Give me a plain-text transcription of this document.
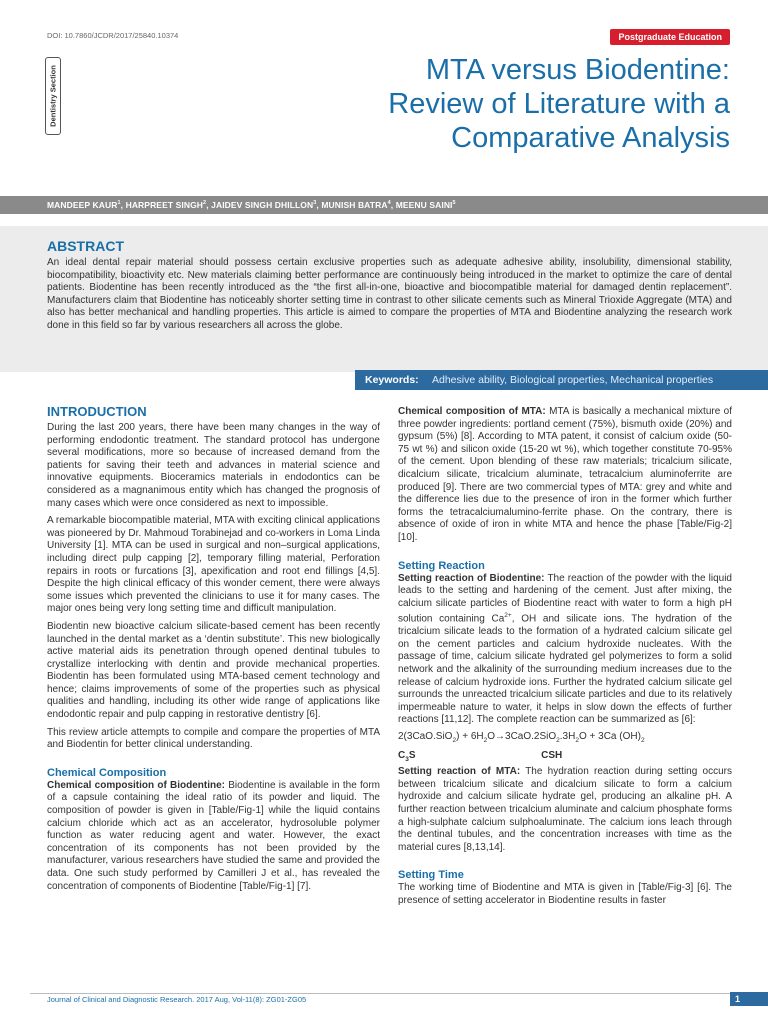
DOI: 10.7860/JCDR/2017/25840.10374	Postgraduate Education
Dentistry Section	MTA versus Biodentine: Review of Literature with a Comparative Analysis
MANDEEP KAUR$^1$, HARPREET SINGH$^2$, JAIDEV SINGH DHILLON$^3$, MUNISH BATRA$^4$, MEENU SAINI$^5$
ABSTRACT

An ideal dental repair material should possess certain exclusive properties such as adequate adhesive ability, insolubility, dimensional stability, biocompatibility, bioactivity etc. New materials claiming better performance are continuously being introduced in the market to optimize the care of dental patients. Biodentine has been recently introduced as the “the first all-in-one, bioactive and biocompatible material for damaged dentin replacement”. Manufacturers claim that Biodentine has noticeably shorter setting time in contrast to other silicate cements such as Mineral Trioxide Aggregate (MTA) and also has better mechanical and handling properties. This article is aimed to compare the properties of MTA and Biodentine analyzing the research work done in this field so far by various researchers all across the globe.

Keywords: Adhesive ability, Biological properties, Mechanical properties
INTRODUCTION

During the last 200 years, there have been many changes in the way of performing endodontic treatment. The standard protocol has undergone several modifications, more so because of increased demand from the patients for saving their teeth and advances in material science and innovative equipments. Bioceramics materials in endodontics can be considered as a magnanimous entity which has changed the prognosis of many cases which were once considered as next to impossible.

A remarkable biocompatible material, MTA with exciting clinical applications was pioneered by Dr. Mahmoud Torabinejad and co-workers in Loma Linda University [1]. MTA can be used in surgical and non–surgical applications, including direct pulp capping [2], temporary filling material, Perforation repairs in roots or furcations [3], apexification and root end fillings [4,5]. Despite the high clinical efficacy of this wonder cement, there were always some issues which prevented the clinicians to use it for many cases. The major ones being very long setting time and difficult manipulation.

Biodentin new bioactive calcium silicate-based cement has been recently launched in the dental market as a ‘dentin substitute’. This new biologically active material aids its penetration through opened dentinal tubules to crystallize interlocking with dentin and provide mechanical properties. Biodentin has been formulated using MTA-based cement technology and hence; claims improvements of some of the properties such as physical qualities and handling, including its other wide range of applications like endodontic repair and pulp capping in restorative dentistry [6].

This review article attempts to compile and compare the properties of MTA and Biodentin for better clinical understanding.

Chemical Composition

Chemical composition of Biodentine: Biodentine is available in the form of a capsule containing the ideal ratio of its powder and liquid. The composition of powder is given in [Table/Fig-1] while the liquid contains calcium chloride which act as an accelerator, hydrosoluble polymer function as water reducing agent and water. However, the exact concentration of its components has not been provided by the manufacturer, various researchers have studied the same and provided the data. One such study performed by Camilleri J et al., has revealed the concentration of components of Biodentine [Table/Fig-1] [7].

Chemical composition of MTA: MTA is basically a mechanical mixture of three powder ingredients: portland cement (75%), bismuth oxide (20%) and gypsum (5%) [8]. According to MTA patent, it consist of calcium oxide (50-75 wt %) and silicon oxide (15-20 wt %), which together constitute 70-95% of the cement. Upon blending of these raw materials; tricalcium silicate, dicalcium silicate, tricalcium aluminate, tetracalcium aluminoferrite are produced [9]. There are two commercial types of MTA: grey and white and the difference lies due to the presence of iron in the former which further forms the tetracalciumalumino-ferrite phase. On the contrary, there is absence of oxide of iron in white MTA and hence the phase [Table/Fig-2] [10].

Setting Reaction

Setting reaction of Biodentine: The reaction of the powder with the liquid leads to the setting and hardening of the cement. Just after mixing, the calcium silicate particles of Biodentine react with water to form a high pH solution containing $Ca^{2+}$, OH and silicate ions. The hydration of the tricalcium silicate leads to the formation of a hydrated calcium silicate gel on the cement particles and calcium hydroxide nucleates. With the passage of time, calcium silicate hydrated gel polymerizes to form a solid network and the alkalinity of the surrounding medium increases due to the release of calcium hydroxide ions. Further the hydrated calcium silicate gel surrounds the unreacted tricalcium silicate particles and due to its relatively impermeable nature to water, it helps in slow down the effects of further reactions [11,12]. The complete reaction can be summarized as [6]:

$2(3CaO.SiO_2) + 6H_2O\to 3CaO.2SiO_2.3H_2O + 3Ca$ $(OH)_2$
$C_3S$	CSH

Setting reaction of MTA: The hydration reaction during setting occurs between tricalcium silicate and dicalcium silicate to form a calcium hydroxide and calcium silicate hydrate gel, producing an alkaline pH. A further reaction between tricalcium aluminate and calcium phosphate forms a high-sulphate calcium sulphoaluminate. The calcium ions leach through the dentinal tubules, and the concentration increases with time as the material cures [8,13,14].

Setting Time

The working time of Biodentine and MTA is given in [Table/Fig-3] [6]. The presence of setting accelerator in Biodentine results in faster

Journal of Clinical and Diagnostic Research. 2017 Aug, Vol-11(8): ZG01-ZG05	1
